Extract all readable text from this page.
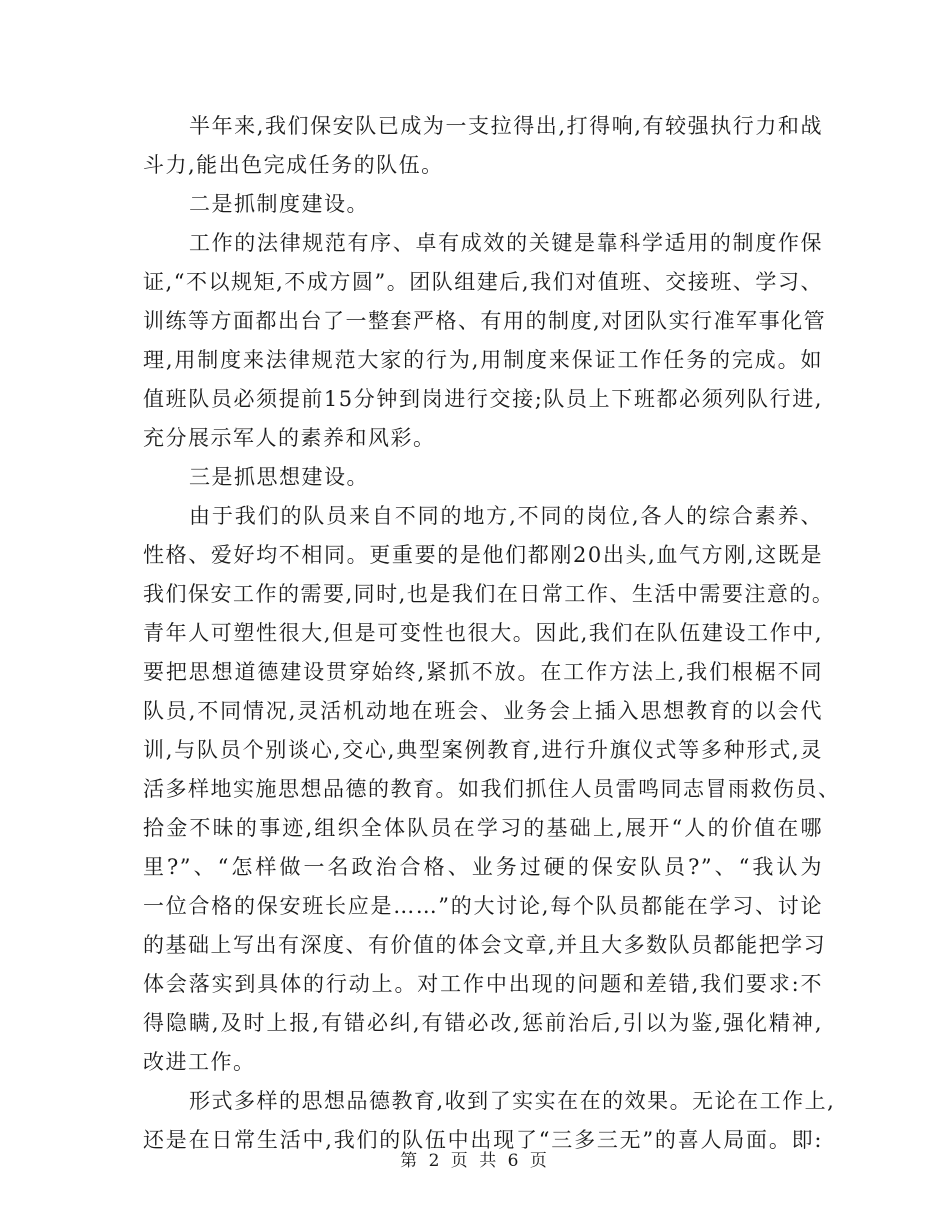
半年来,我们保安队已成为一支拉得出,打得响,有较强执行力和战
斗力,能出色完成任务的队伍。
二是抓制度建设。
工作的法律规范有序、卓有成效的关键是靠科学适用的制度作保
证,“不以规矩,不成方圆”。团队组建后,我们对值班、交接班、学习、
训练等方面都出台了一整套严格、有用的制度,对团队实行准军事化管
理,用制度来法律规范大家的行为,用制度来保证工作任务的完成。如
值班队员必须提前15分钟到岗进行交接;队员上下班都必须列队行进,
充分展示军人的素养和风彩。
三是抓思想建设。
由于我们的队员来自不同的地方,不同的岗位,各人的综合素养、
性格、爱好均不相同。更重要的是他们都刚20出头,血气方刚,这既是
我们保安工作的需要,同时,也是我们在日常工作、生活中需要注意的。
青年人可塑性很大,但是可变性也很大。因此,我们在队伍建设工作中,
要把思想道德建设贯穿始终,紧抓不放。在工作方法上,我们根椐不同
队员,不同情况,灵活机动地在班会、业务会上插入思想教育的以会代
训,与队员个别谈心,交心,典型案例教育,进行升旗仪式等多种形式,灵
活多样地实施思想品德的教育。如我们抓住人员雷鸣同志冒雨救伤员、
拾金不昧的事迹,组织全体队员在学习的基础上,展开“人的价值在哪
里?”、“怎样做一名政治合格、业务过硬的保安队员?”、“我认为
一位合格的保安班长应是……”的大讨论,每个队员都能在学习、讨论
的基础上写出有深度、有价值的体会文章,并且大多数队员都能把学习
体会落实到具体的行动上。对工作中出现的问题和差错,我们要求:不
得隐瞒,及时上报,有错必纠,有错必改,惩前治后,引以为鉴,强化精神,
改进工作。
形式多样的思想品德教育,收到了实实在在的效果。无论在工作上,
还是在日常生活中,我们的队伍中出现了“三多三无”的喜人局面。即:
第 2 页 共 6 页
